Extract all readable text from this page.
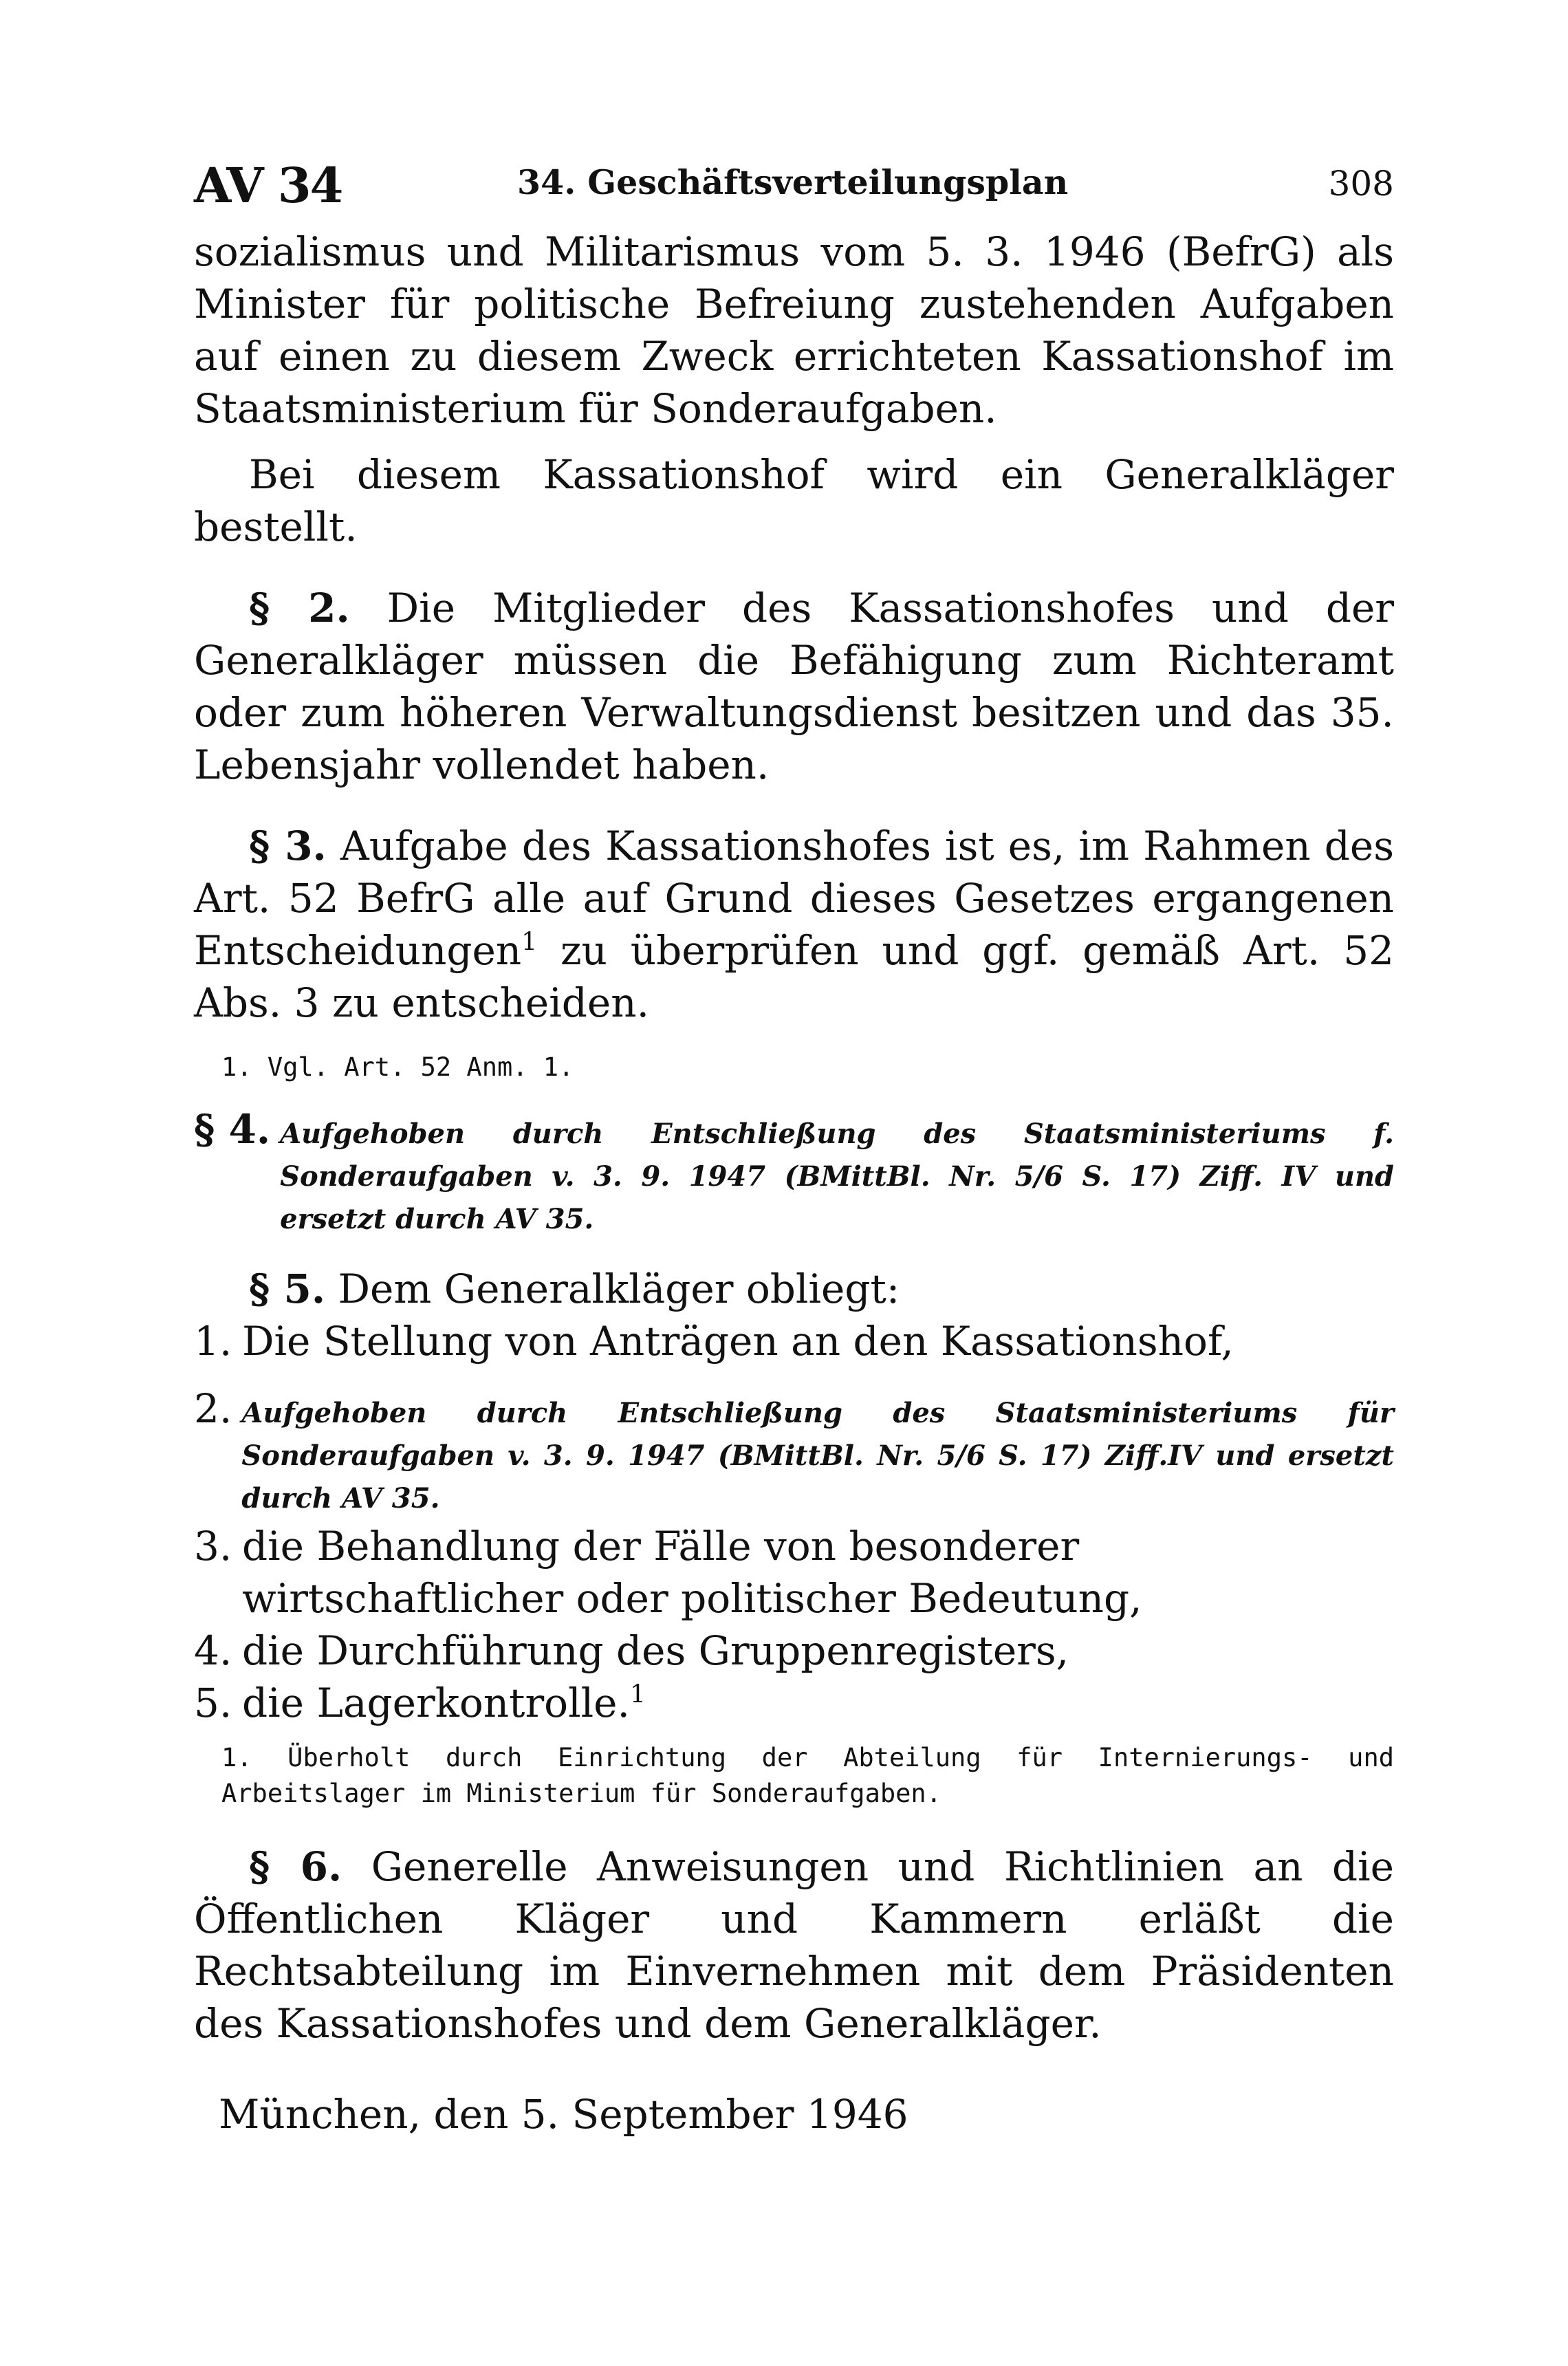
AV 34	34. Geschäftsverteilungsplan	308

sozialismus und Militarismus vom 5. 3. 1946 (BefrG) als Minister für politische Befreiung zustehenden Aufgaben auf einen zu diesem Zweck errichteten Kassationshof im Staatsministerium für Sonderaufgaben.

Bei diesem Kassationshof wird ein Generalkläger bestellt.

§ 2. Die Mitglieder des Kassationshofes und der Generalkläger müssen die Befähigung zum Richteramt oder zum höheren Verwaltungsdienst besitzen und das 35. Lebensjahr vollendet haben.

§ 3. Aufgabe des Kassationshofes ist es, im Rahmen des Art. 52 BefrG alle auf Grund dieses Gesetzes ergangenen Entscheidungen$^1$ zu überprüfen und ggf. gemäß Art. 52 Abs. 3 zu entscheiden.

1. Vgl. Art. 52 Anm. 1.

§ 4. Aufgehoben durch Entschließung des Staatsministeriums f. Sonderaufgaben v. 3. 9. 1947 (BMittBl. Nr. 5/6 S. 17) Ziff. IV und ersetzt durch AV 35.

§ 5. Dem Generalkläger obliegt:

1. Die Stellung von Anträgen an den Kassationshof,

2. Aufgehoben durch Entschließung des Staatsministeriums für Sonderaufgaben v. 3. 9. 1947 (BMittBl. Nr. 5/6 S. 17) Ziff.IV und ersetzt durch AV 35.

3. die Behandlung der Fälle von besonderer wirtschaftlicher oder politischer Bedeutung,

4. die Durchführung des Gruppenregisters,

5. die Lagerkontrolle.$^1$

1. Überholt durch Einrichtung der Abteilung für Internierungs- und Arbeitslager im Ministerium für Sonderaufgaben.

§ 6. Generelle Anweisungen und Richtlinien an die Öffentlichen Kläger und Kammern erläßt die Rechtsabteilung im Einvernehmen mit dem Präsidenten des Kassationshofes und dem Generalkläger.

München, den 5. September 1946
